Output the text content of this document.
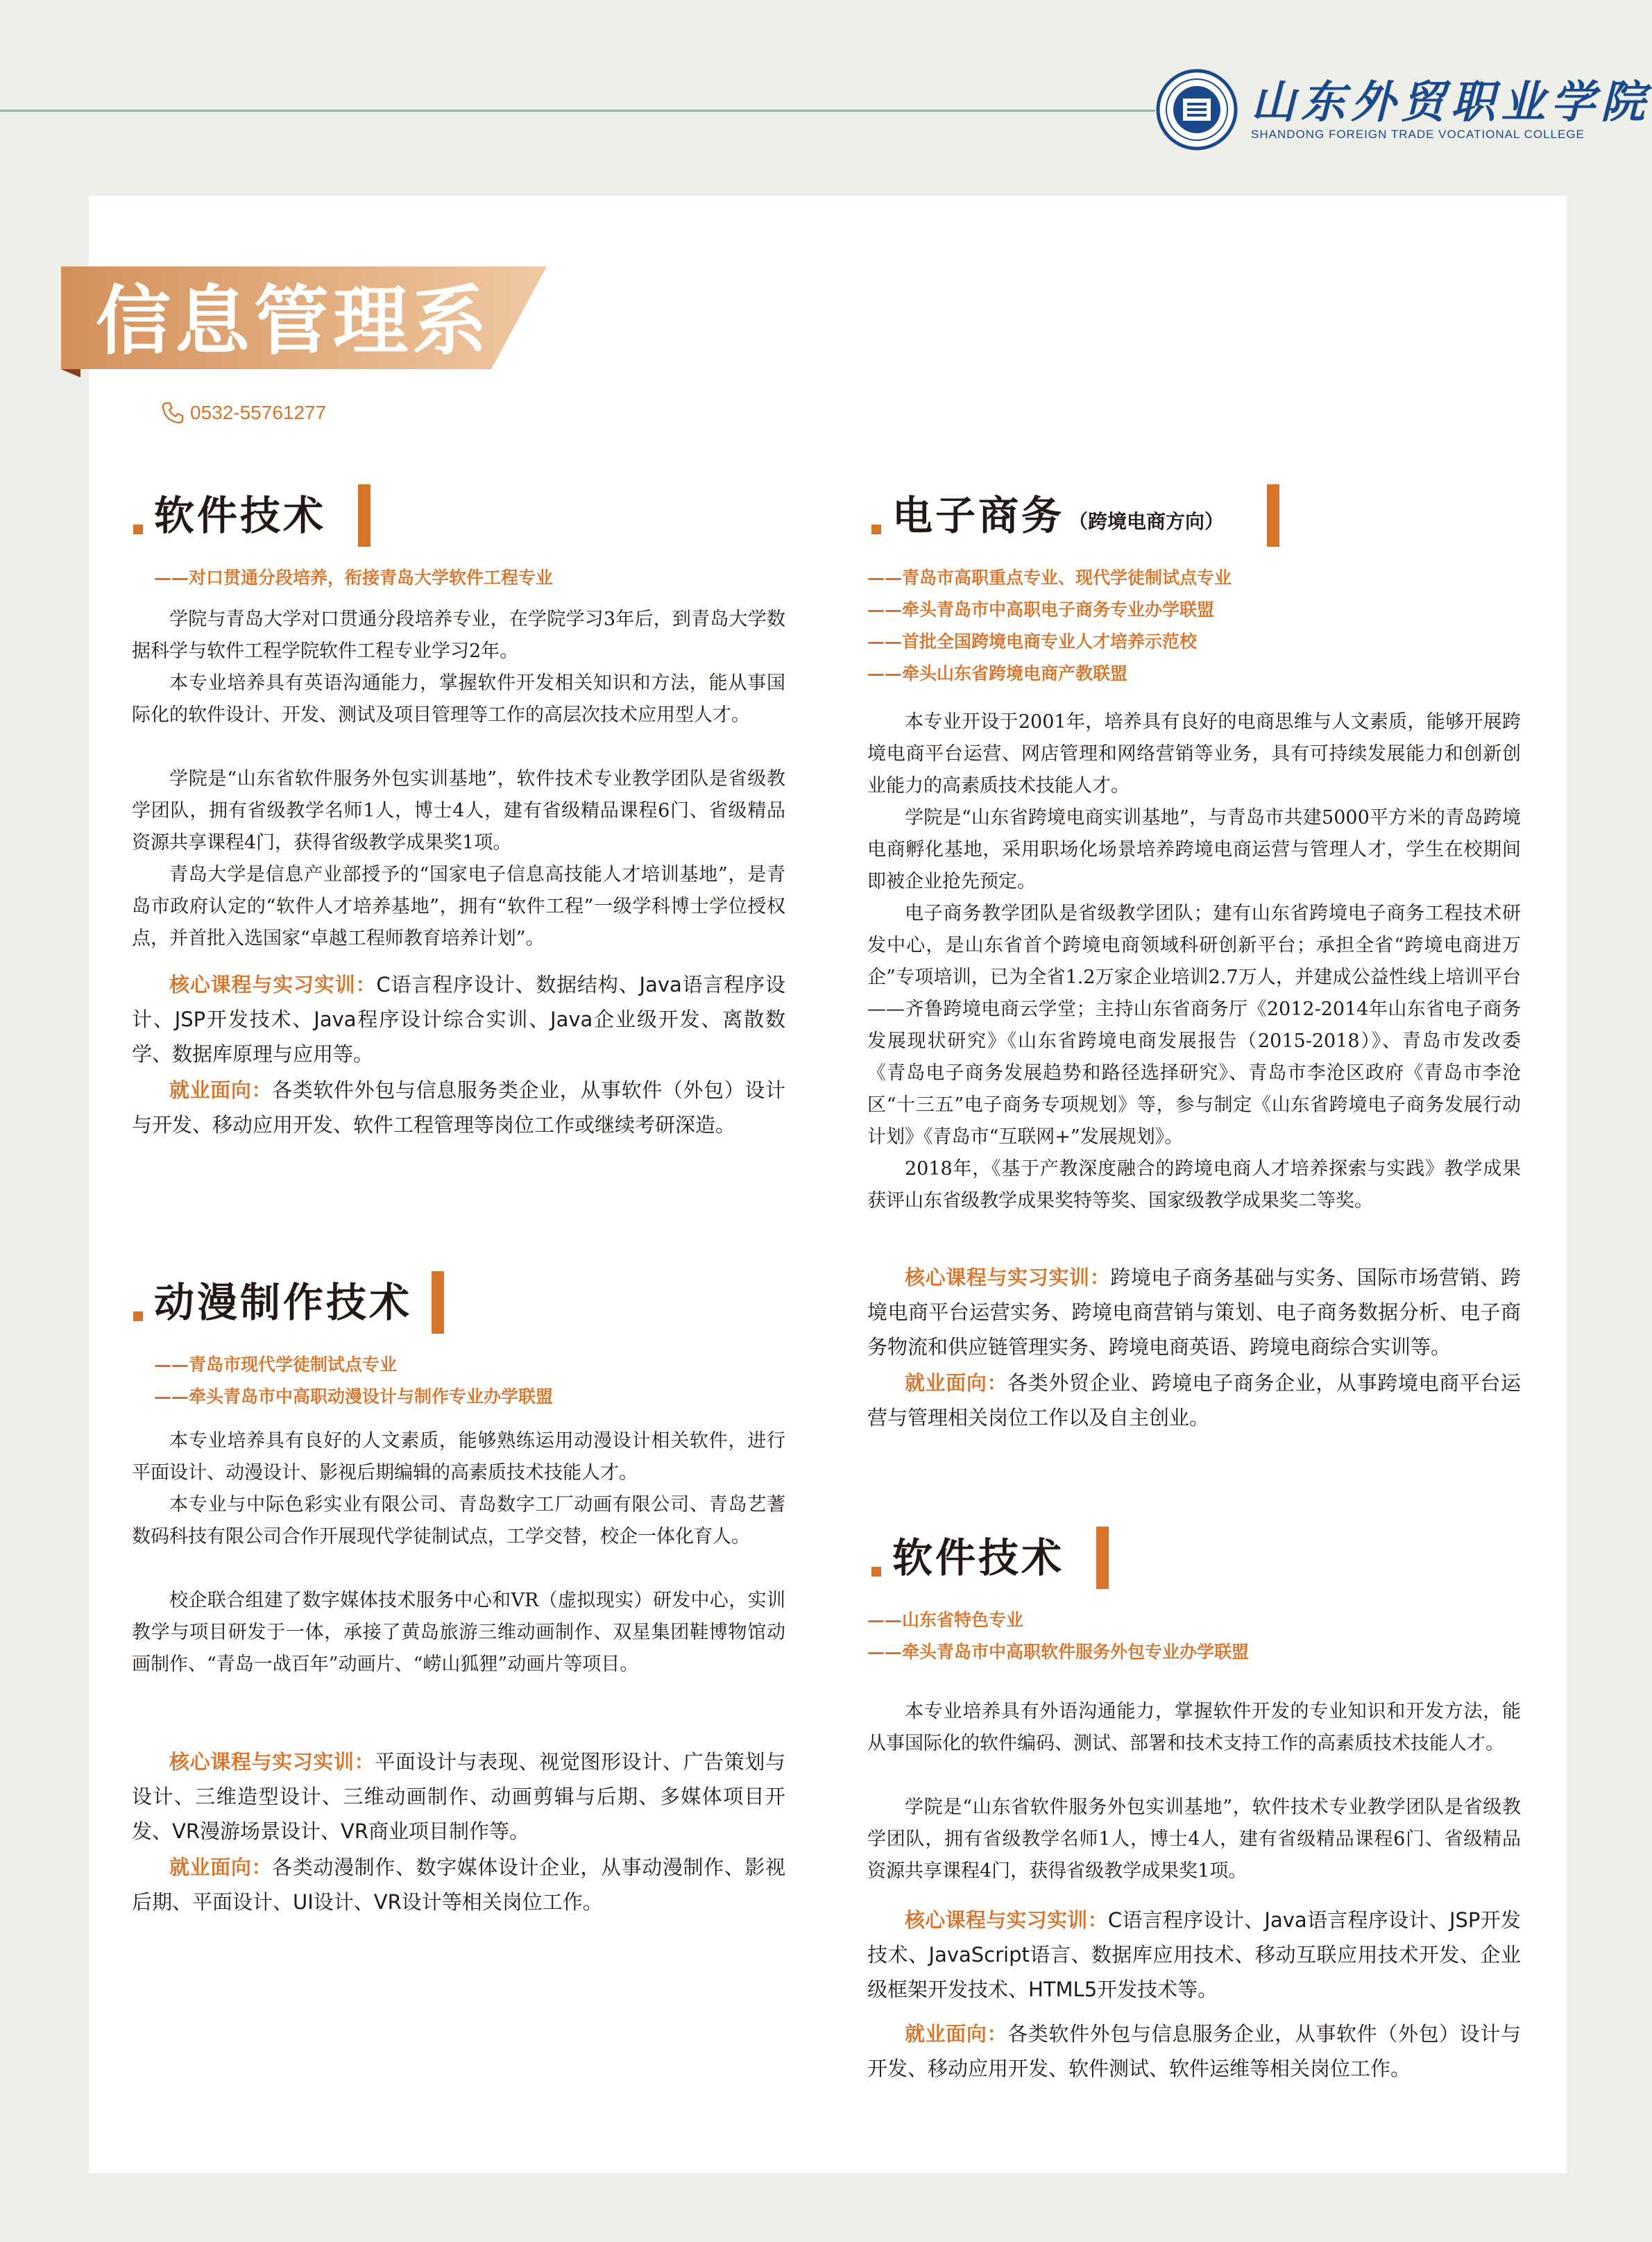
山东外贸职业学院
SHANDONG FOREIGN TRADE VOCATIONAL COLLEGE
信息管理系
0532-55761277
软件技术
——对口贯通分段培养，衔接青岛大学软件工程专业

学院与青岛大学对口贯通分段培养专业，在学院学习3年后，到青岛大学数据科学与软件工程学院软件工程专业学习2年。

本专业培养具有英语沟通能力，掌握软件开发相关知识和方法，能从事国际化的软件设计、开发、测试及项目管理等工作的高层次技术应用型人才。

学院是“山东省软件服务外包实训基地”，软件技术专业教学团队是省级教学团队，拥有省级教学名师1人，博士4人，建有省级精品课程6门、省级精品资源共享课程4门，获得省级教学成果奖1项。

青岛大学是信息产业部授予的“国家电子信息高技能人才培训基地”，是青岛市政府认定的“软件人才培养基地”，拥有“软件工程”一级学科博士学位授权点，并首批入选国家“卓越工程师教育培养计划”。

核心课程与实习实训：C语言程序设计、数据结构、Java语言程序设计、JSP开发技术、Java程序设计综合实训、Java企业级开发、离散数学、数据库原理与应用等。

就业面向：各类软件外包与信息服务类企业，从事软件（外包）设计与开发、移动应用开发、软件工程管理等岗位工作或继续考研深造。

动漫制作技术
——青岛市现代学徒制试点专业
——牵头青岛市中高职动漫设计与制作专业办学联盟

本专业培养具有良好的人文素质，能够熟练运用动漫设计相关软件，进行平面设计、动漫设计、影视后期编辑的高素质技术技能人才。

本专业与中际色彩实业有限公司、青岛数字工厂动画有限公司、青岛艺蓍数码科技有限公司合作开展现代学徒制试点，工学交替，校企一体化育人。

校企联合组建了数字媒体技术服务中心和VR（虚拟现实）研发中心，实训教学与项目研发于一体，承接了黄岛旅游三维动画制作、双星集团鞋博物馆动画制作、“青岛一战百年”动画片、“崂山狐狸”动画片等项目。

核心课程与实习实训：平面设计与表现、视觉图形设计、广告策划与设计、三维造型设计、三维动画制作、动画剪辑与后期、多媒体项目开发、VR漫游场景设计、VR商业项目制作等。

就业面向：各类动漫制作、数字媒体设计企业，从事动漫制作、影视后期、平面设计、UI设计、VR设计等相关岗位工作。

电子商务 （跨境电商方向）
——青岛市高职重点专业、现代学徒制试点专业
——牵头青岛市中高职电子商务专业办学联盟
——首批全国跨境电商专业人才培养示范校
——牵头山东省跨境电商产教联盟

本专业开设于2001年，培养具有良好的电商思维与人文素质，能够开展跨境电商平台运营、网店管理和网络营销等业务，具有可持续发展能力和创新创业能力的高素质技术技能人才。

学院是“山东省跨境电商实训基地”，与青岛市共建5000平方米的青岛跨境电商孵化基地，采用职场化场景培养跨境电商运营与管理人才，学生在校期间即被企业抢先预定。

电子商务教学团队是省级教学团队；建有山东省跨境电子商务工程技术研发中心，是山东省首个跨境电商领域科研创新平台；承担全省“跨境电商进万企”专项培训，已为全省1.2万家企业培训2.7万人，并建成公益性线上培训平台——齐鲁跨境电商云学堂；主持山东省商务厅《2012-2014年山东省电子商务发展现状研究》《山东省跨境电商发展报告（2015-2018）》、青岛市发改委《青岛电子商务发展趋势和路径选择研究》、青岛市李沧区政府《青岛市李沧区“十三五”电子商务专项规划》等，参与制定《山东省跨境电子商务发展行动计划》《青岛市“互联网+”发展规划》。

2018年，《基于产教深度融合的跨境电商人才培养探索与实践》教学成果获评山东省级教学成果奖特等奖、国家级教学成果奖二等奖。

核心课程与实习实训：跨境电子商务基础与实务、国际市场营销、跨境电商平台运营实务、跨境电商营销与策划、电子商务数据分析、电子商务物流和供应链管理实务、跨境电商英语、跨境电商综合实训等。

就业面向：各类外贸企业、跨境电子商务企业，从事跨境电商平台运营与管理相关岗位工作以及自主创业。

软件技术
——山东省特色专业
——牵头青岛市中高职软件服务外包专业办学联盟

本专业培养具有外语沟通能力，掌握软件开发的专业知识和开发方法，能从事国际化的软件编码、测试、部署和技术支持工作的高素质技术技能人才。

学院是“山东省软件服务外包实训基地”，软件技术专业教学团队是省级教学团队，拥有省级教学名师1人，博士4人，建有省级精品课程6门、省级精品资源共享课程4门，获得省级教学成果奖1项。

核心课程与实习实训：C语言程序设计、Java语言程序设计、JSP开发技术、JavaScript语言、数据库应用技术、移动互联应用技术开发、企业级框架开发技术、HTML5开发技术等。

就业面向：各类软件外包与信息服务企业，从事软件（外包）设计与开发、移动应用开发、软件测试、软件运维等相关岗位工作。
